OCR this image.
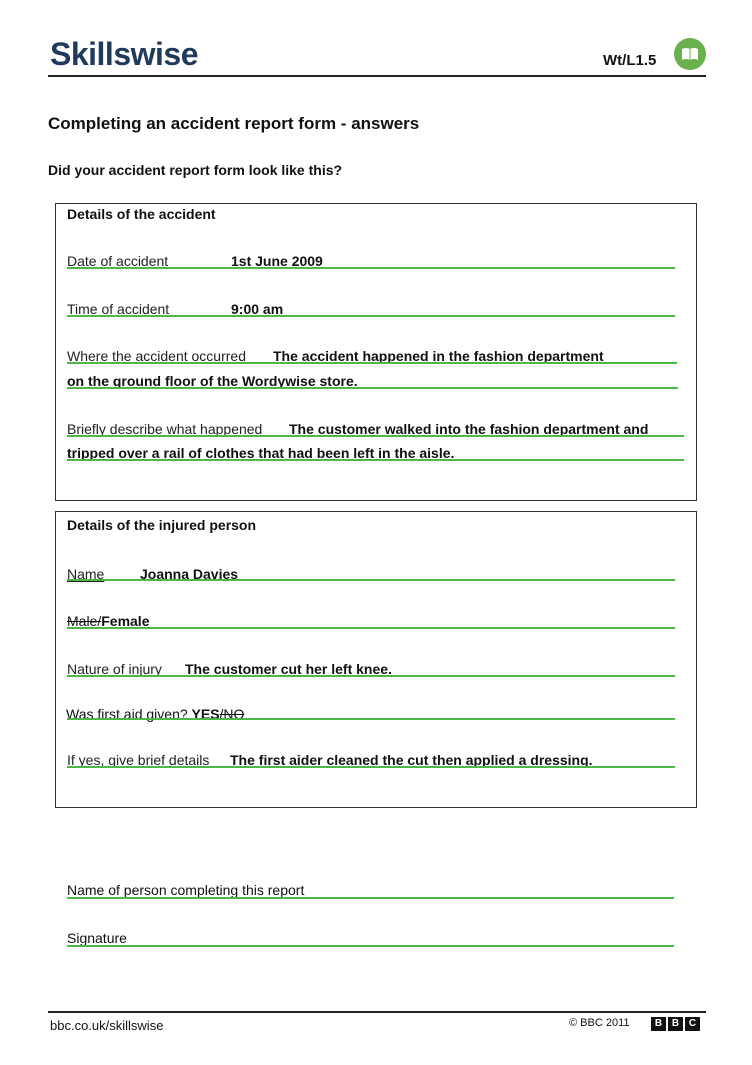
Skillswise	Wt/L1.5
Completing an accident report form - answers
Did your accident report form look like this?
Details of the accident
Date of accident	1st June 2009
Time of accident	9:00 am
Where the accident occurred The accident happened in the fashion department
on the ground floor of the Wordywise store.
Briefly describe what happened The customer walked into the fashion department and
tripped over a rail of clothes that had been left in the aisle.
Details of the injured person
Name	Joanna Davies
Male/Female
Nature of injury The customer cut her left knee.
Was first aid given? YES/NO
If yes, give brief details The first aider cleaned the cut then applied a dressing.
Name of person completing this report
Signature
bbc.co.uk/skillswise	© BBC 2011	B B C
